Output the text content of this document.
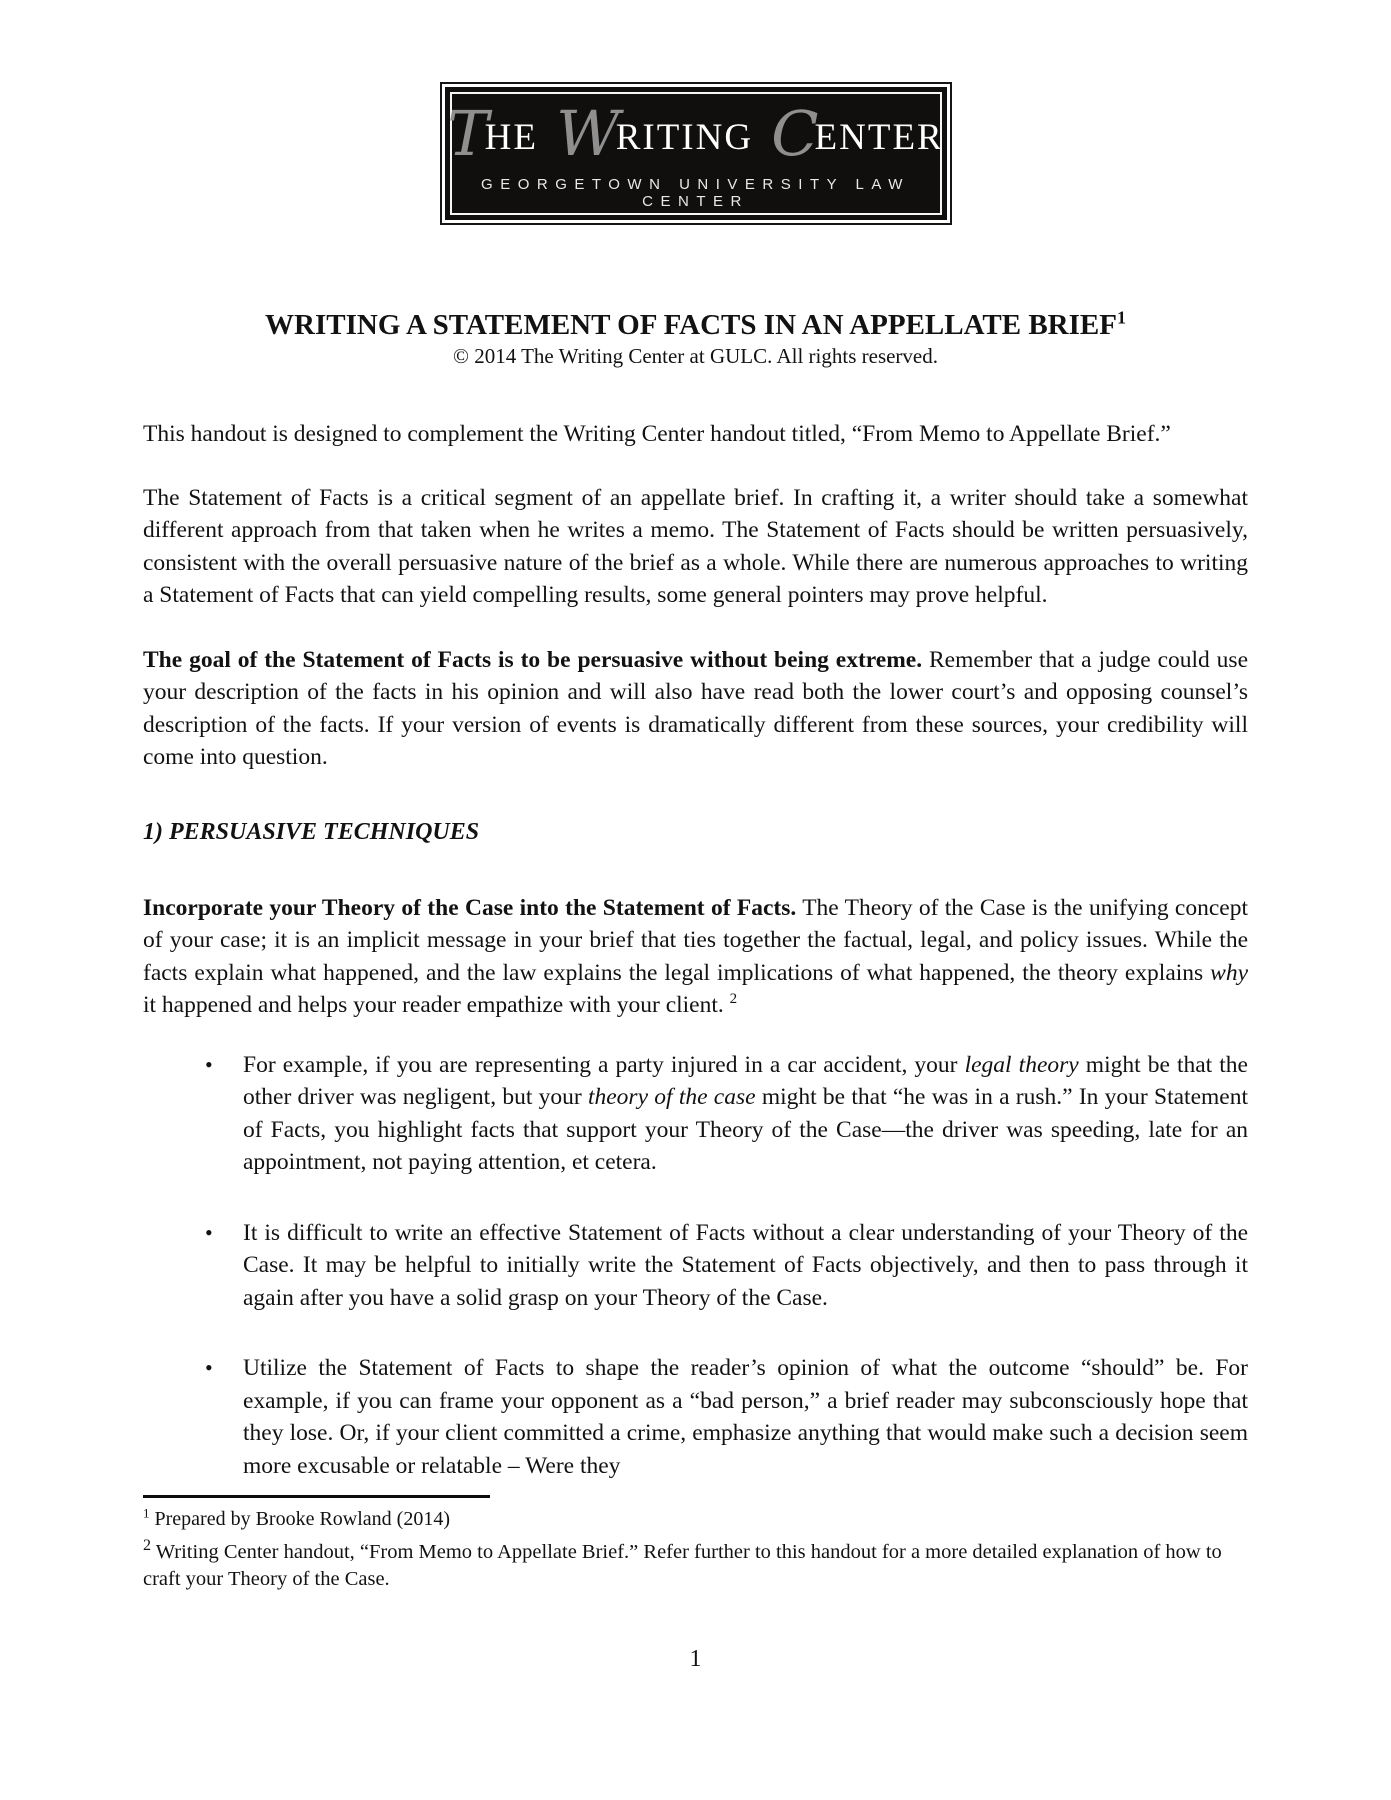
T
HE W
RITING C
ENTER
GEORGETOWN UNIVERSITY LAW CENTER
WRITING A STATEMENT OF FACTS IN AN APPELLATE BRIEF$^1$
© 2014 The Writing Center at GULC. All rights reserved.

This handout is designed to complement the Writing Center handout titled, “From Memo to Appellate Brief.”

The Statement of Facts is a critical segment of an appellate brief. In crafting it, a writer should take a somewhat different approach from that taken when he writes a memo. The Statement of Facts should be written persuasively, consistent with the overall persuasive nature of the brief as a whole. While there are numerous approaches to writing a Statement of Facts that can yield compelling results, some general pointers may prove helpful.

The goal of the Statement of Facts is to be persuasive without being extreme. Remember that a judge could use your description of the facts in his opinion and will also have read both the lower court’s and opposing counsel’s description of the facts. If your version of events is dramatically different from these sources, your credibility will come into question.

1) PERSUASIVE TECHNIQUES

Incorporate your Theory of the Case into the Statement of Facts. The Theory of the Case is the unifying concept of your case; it is an implicit message in your brief that ties together the factual, legal, and policy issues. While the facts explain what happened, and the law explains the legal implications of what happened, the theory explains why it happened and helps your reader empathize with your client. $^2$

•	For example, if you are representing a party injured in a car accident, your legal theory might be that the other driver was negligent, but your theory of the case might be that “he was in a rush.” In your Statement of Facts, you highlight facts that support your Theory of the Case—the driver was speeding, late for an appointment, not paying attention, et cetera.
•	It is difficult to write an effective Statement of Facts without a clear understanding of your Theory of the Case. It may be helpful to initially write the Statement of Facts objectively, and then to pass through it again after you have a solid grasp on your Theory of the Case.
•	Utilize the Statement of Facts to shape the reader’s opinion of what the outcome “should” be. For example, if you can frame your opponent as a “bad person,” a brief reader may subconsciously hope that they lose. Or, if your client committed a crime, emphasize anything that would make such a decision seem more excusable or relatable – Were they
$^1$ Prepared by Brooke Rowland (2014)
$^2$ Writing Center handout, “From Memo to Appellate Brief.” Refer further to this handout for a more detailed explanation of how to craft your Theory of the Case.
1
